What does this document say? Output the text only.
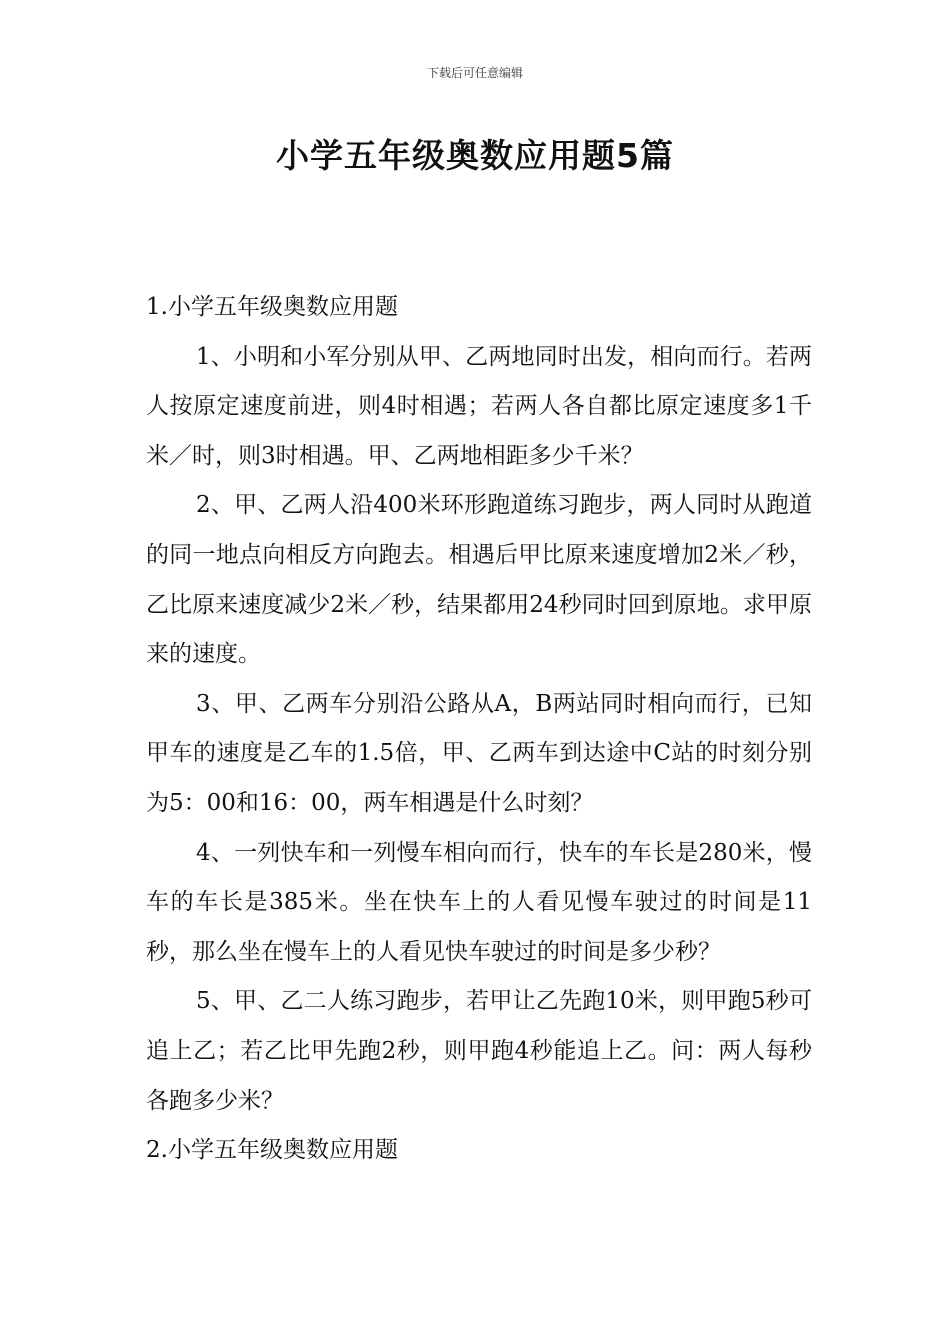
下载后可任意编辑
小学五年级奥数应用题5篇

1.小学五年级奥数应用题

1、小明和小军分别从甲、乙两地同时出发，相向而行。若两人按原定速度前进，则4时相遇；若两人各自都比原定速度多1千米／时，则3时相遇。甲、乙两地相距多少千米？

2、甲、乙两人沿400米环形跑道练习跑步，两人同时从跑道的同一地点向相反方向跑去。相遇后甲比原来速度增加2米／秒，乙比原来速度减少2米／秒，结果都用24秒同时回到原地。求甲原来的速度。

3、甲、乙两车分别沿公路从A，B两站同时相向而行，已知甲车的速度是乙车的1.5倍，甲、乙两车到达途中C站的时刻分别为5：00和16：00，两车相遇是什么时刻？

4、一列快车和一列慢车相向而行，快车的车长是280米，慢车的车长是385米。坐在快车上的人看见慢车驶过的时间是11秒，那么坐在慢车上的人看见快车驶过的时间是多少秒？

5、甲、乙二人练习跑步，若甲让乙先跑10米，则甲跑5秒可追上乙；若乙比甲先跑2秒，则甲跑4秒能追上乙。问：两人每秒各跑多少米？

2.小学五年级奥数应用题
